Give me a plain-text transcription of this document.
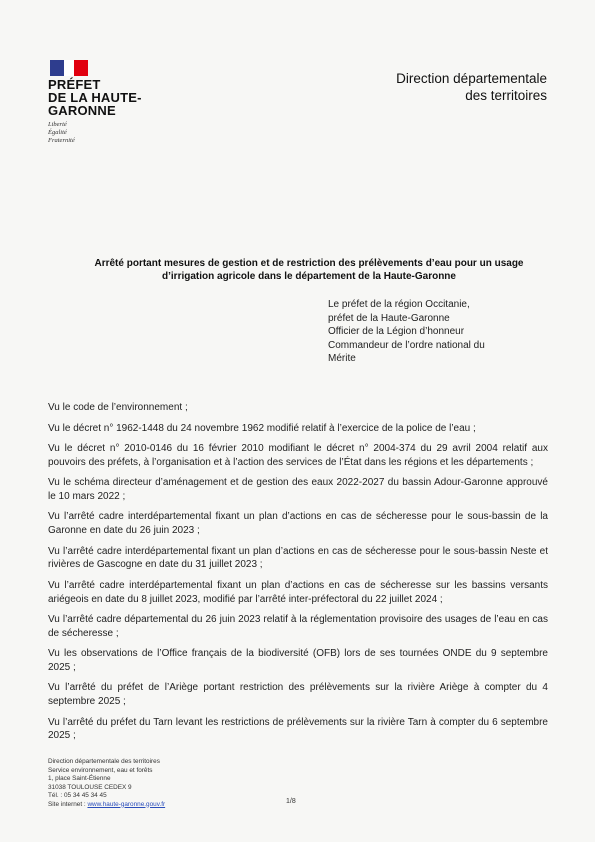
PRÉFET
DE LA HAUTE-
GARONNE
Liberté
Égalité
Fraternité
Direction départementale
des territoires
Arrêté portant mesures de gestion et de restriction des prélèvements d’eau pour un usage
d’irrigation agricole dans le département de la Haute-Garonne
Le préfet de la région Occitanie,
préfet de la Haute-Garonne
Officier de la Légion d’honneur
Commandeur de l’ordre national du
Mérite

Vu le code de l’environnement ;

Vu le décret n° 1962-1448 du 24 novembre 1962 modifié relatif à l’exercice de la police de l’eau ;

Vu le décret n° 2010-0146 du 16 février 2010 modifiant le décret n° 2004-374 du 29 avril 2004 relatif aux pouvoirs des préfets, à l’organisation et à l’action des services de l’État dans les régions et les départements ;

Vu le schéma directeur d’aménagement et de gestion des eaux 2022-2027 du bassin Adour-Garonne approuvé le 10 mars 2022 ;

Vu l’arrêté cadre interdépartemental fixant un plan d’actions en cas de sécheresse pour le sous-bassin de la Garonne en date du 26 juin 2023 ;

Vu l’arrêté cadre interdépartemental fixant un plan d’actions en cas de sécheresse pour le sous-bassin Neste et rivières de Gascogne en date du 31 juillet 2023 ;

Vu l’arrêté cadre interdépartemental fixant un plan d’actions en cas de sécheresse sur les bassins versants ariégeois en date du 8 juillet 2023, modifié par l’arrêté inter-préfectoral du 22 juillet 2024 ;

Vu l’arrêté cadre départemental du 26 juin 2023 relatif à la réglementation provisoire des usages de l’eau en cas de sécheresse ;

Vu les observations de l’Office français de la biodiversité (OFB) lors de ses tournées ONDE du 9 septembre 2025 ;

Vu l’arrêté du préfet de l’Ariège portant restriction des prélèvements sur la rivière Ariège à compter du 4 septembre 2025 ;

Vu l’arrêté du préfet du Tarn levant les restrictions de prélèvements sur la rivière Tarn à compter du 6 septembre 2025 ;

Direction départementale des territoires
Service environnement, eau et forêts
1, place Saint-Étienne
31038 TOULOUSE CEDEX 9
Tél. : 05 34 45 34 45
Site internet : www.haute-garonne.gouv.fr	1/8
